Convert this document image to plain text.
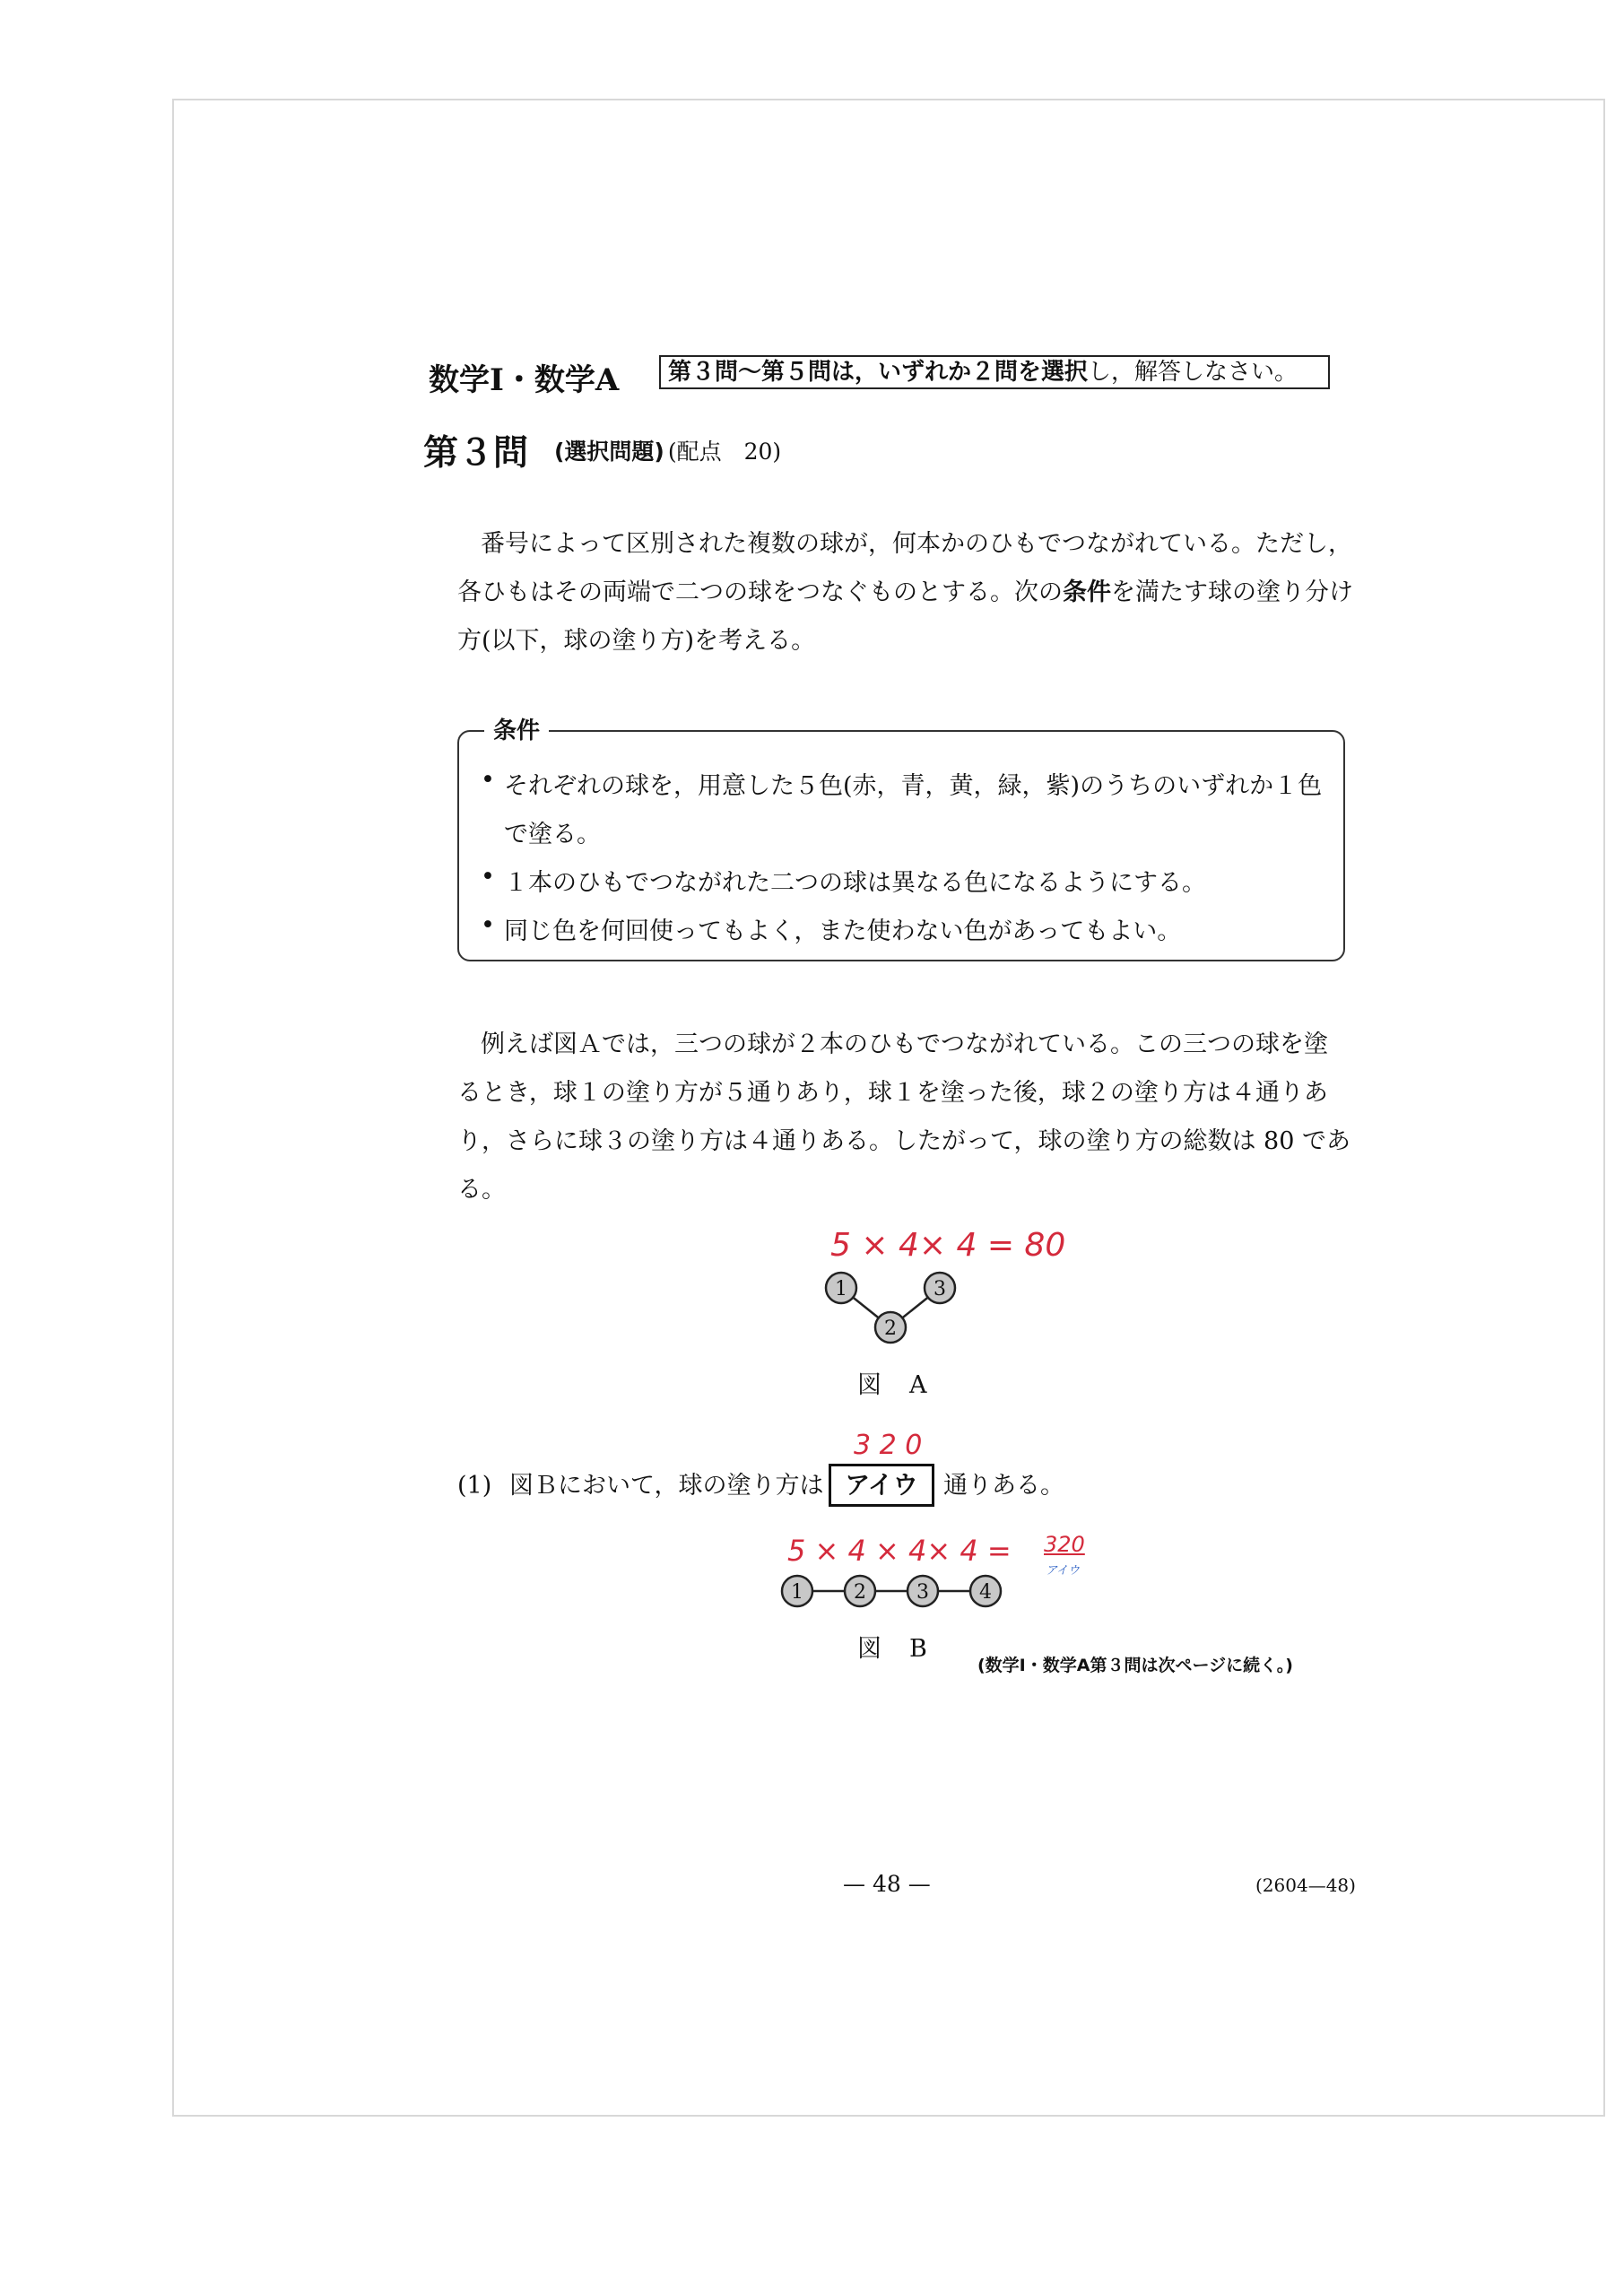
数学Ⅰ・数学A	第３問～第５問は，いずれか２問を選択し，解答しなさい。
第３問 (選択問題) (配点　20)
番号によって区別された複数の球が，何本かのひもでつながれている。ただし，
各ひもはその両端で二つの球をつなぐものとする。次の条件を満たす球の塗り分け
方(以下，球の塗り方)を考える。
条件
• それぞれの球を，用意した５色(赤，青，黄，緑，紫)のうちのいずれか１色
で塗る。
• １本のひもでつながれた二つの球は異なる色になるようにする。
• 同じ色を何回使ってもよく，また使わない色があってもよい。
例えば図Ａでは，三つの球が２本のひもでつながれている。この三つの球を塗
るとき，球１の塗り方が５通りあり，球１を塗った後，球２の塗り方は４通りあ
り，さらに球３の塗り方は４通りある。したがって，球の塗り方の総数は 80 であ
る。
5 × 4× 4 = 80
1	3
2
図　A
3 2 0
(1) 図Ｂにおいて，球の塗り方は アイウ	通りある。
5 × 4 × 4× 4 = 320
アイウ
1	2	3	4
図　B
(数学Ⅰ・数学A第３問は次ページに続く。)
— 48 —	(2604—48)
